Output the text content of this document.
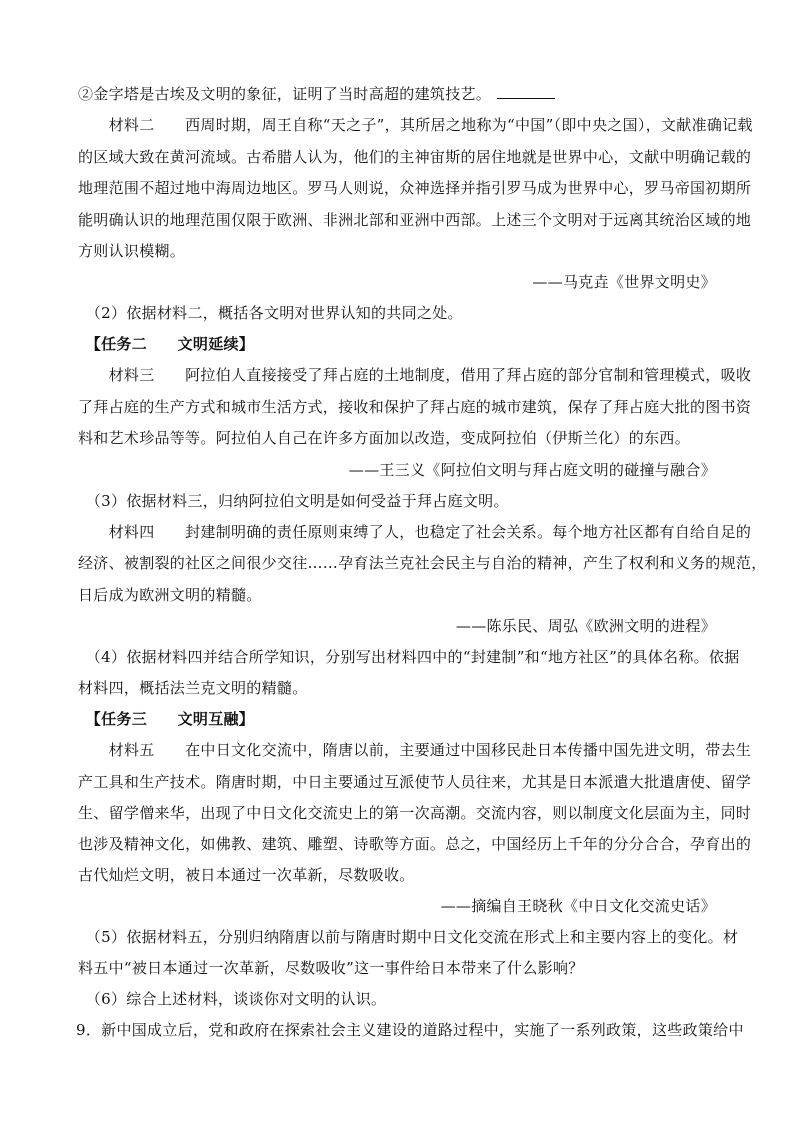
②金字塔是古埃及文明的象征，证明了当时高超的建筑技艺。
　　材料二　　西周时期，周王自称“天之子”，其所居之地称为“中国”（即中央之国），文献准确记载
的区域大致在黄河流域。古希腊人认为，他们的主神宙斯的居住地就是世界中心，文献中明确记载的
地理范围不超过地中海周边地区。罗马人则说，众神选择并指引罗马成为世界中心，罗马帝国初期所
能明确认识的地理范围仅限于欧洲、非洲北部和亚洲中西部。上述三个文明对于远离其统治区域的地
方则认识模糊。
——马克垚《世界文明史》
　（2）依据材料二，概括各文明对世界认知的共同之处。
　【任务二　　文明延续】
　　材料三　　阿拉伯人直接接受了拜占庭的土地制度，借用了拜占庭的部分官制和管理模式，吸收
了拜占庭的生产方式和城市生活方式，接收和保护了拜占庭的城市建筑，保存了拜占庭大批的图书资
料和艺术珍品等等。阿拉伯人自己在许多方面加以改造，变成阿拉伯（伊斯兰化）的东西。
——王三义《阿拉伯文明与拜占庭文明的碰撞与融合》
　（3）依据材料三，归纳阿拉伯文明是如何受益于拜占庭文明。
　　材料四　　封建制明确的责任原则束缚了人，也稳定了社会关系。每个地方社区都有自给自足的
经济、被割裂的社区之间很少交往……孕育法兰克社会民主与自治的精神，产生了权利和义务的规范，
日后成为欧洲文明的精髓。
——陈乐民、周弘《欧洲文明的进程》
　（4）依据材料四并结合所学知识，分别写出材料四中的“封建制”和“地方社区”的具体名称。依据
材料四，概括法兰克文明的精髓。
　【任务三　　文明互融】
　　材料五　　在中日文化交流中，隋唐以前，主要通过中国移民赴日本传播中国先进文明，带去生
产工具和生产技术。隋唐时期，中日主要通过互派使节人员往来，尤其是日本派遣大批遣唐使、留学
生、留学僧来华，出现了中日文化交流史上的第一次高潮。交流内容，则以制度文化层面为主，同时
也涉及精神文化，如佛教、建筑、雕塑、诗歌等方面。总之，中国经历上千年的分分合合，孕育出的
古代灿烂文明，被日本通过一次革新，尽数吸收。
——摘编自王晓秋《中日文化交流史话》
　（5）依据材料五，分别归纳隋唐以前与隋唐时期中日文化交流在形式上和主要内容上的变化。材
料五中“被日本通过一次革新，尽数吸收”这一事件给日本带来了什么影响？
　（6）综合上述材料，谈谈你对文明的认识。
9．新中国成立后，党和政府在探索社会主义建设的道路过程中，实施了一系列政策，这些政策给中
